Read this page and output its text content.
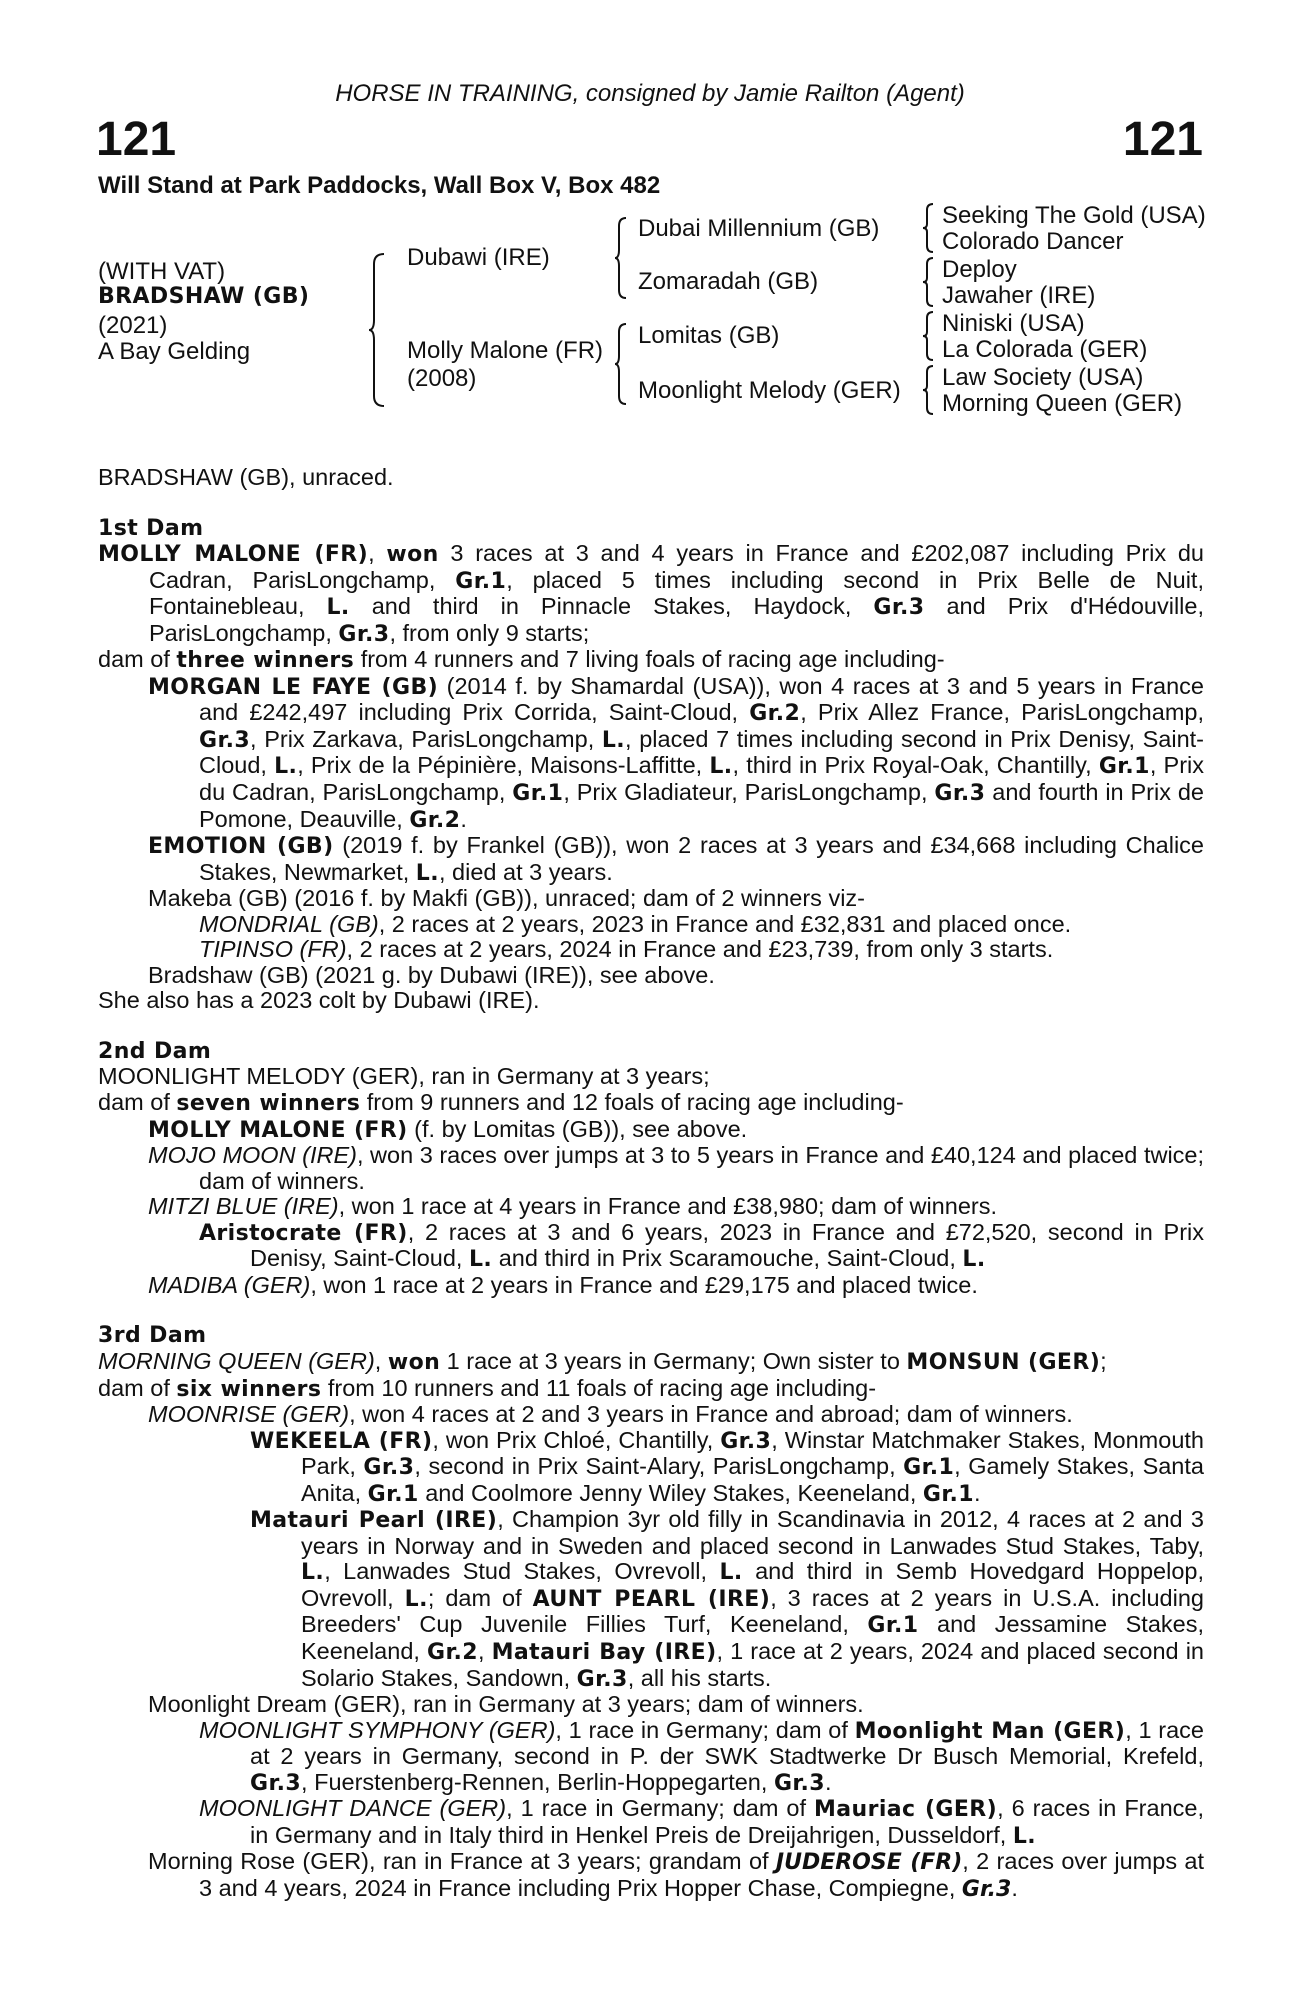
HORSE IN TRAINING, consigned by Jamie Railton (Agent)
121	121
Will Stand at Park Paddocks, Wall Box V, Box 482
(WITH VAT)
BRADSHAW (GB)
(2021)
A Bay Gelding
Dubawi (IRE)
Molly Malone (FR)
(2008)
Dubai Millennium (GB)
Zomaradah (GB)
Lomitas (GB)
Moonlight Melody (GER)
Seeking The Gold (USA)
Colorado Dancer
Deploy
Jawaher (IRE)
Niniski (USA)
La Colorada (GER)
Law Society (USA)
Morning Queen (GER)

BRADSHAW (GB), unraced.

1st Dam

MOLLY MALONE (FR), won 3 races at 3 and 4 years in France and £202,087 including Prix du Cadran, ParisLongchamp, Gr.1, placed 5 times including second in Prix Belle de Nuit, Fontainebleau, L. and third in Pinnacle Stakes, Haydock, Gr.3 and Prix d'Hédouville, ParisLongchamp, Gr.3, from only 9 starts;

dam of three winners from 4 runners and 7 living foals of racing age including-

MORGAN LE FAYE (GB) (2014 f. by Shamardal (USA)), won 4 races at 3 and 5 years in France and £242,497 including Prix Corrida, Saint-Cloud, Gr.2, Prix Allez France, ParisLongchamp, Gr.3, Prix Zarkava, ParisLongchamp, L., placed 7 times including second in Prix Denisy, Saint-Cloud, L., Prix de la Pépinière, Maisons-Laffitte, L., third in Prix Royal-Oak, Chantilly, Gr.1, Prix du Cadran, ParisLongchamp, Gr.1, Prix Gladiateur, ParisLongchamp, Gr.3 and fourth in Prix de Pomone, Deauville, Gr.2.

EMOTION (GB) (2019 f. by Frankel (GB)), won 2 races at 3 years and £34,668 including Chalice Stakes, Newmarket, L., died at 3 years.

Makeba (GB) (2016 f. by Makfi (GB)), unraced; dam of 2 winners viz-

MONDRIAL (GB), 2 races at 2 years, 2023 in France and £32,831 and placed once.

TIPINSO (FR), 2 races at 2 years, 2024 in France and £23,739, from only 3 starts.

Bradshaw (GB) (2021 g. by Dubawi (IRE)), see above.

She also has a 2023 colt by Dubawi (IRE).

2nd Dam

MOONLIGHT MELODY (GER), ran in Germany at 3 years;

dam of seven winners from 9 runners and 12 foals of racing age including-

MOLLY MALONE (FR) (f. by Lomitas (GB)), see above.

MOJO MOON (IRE), won 3 races over jumps at 3 to 5 years in France and £40,124 and placed twice; dam of winners.

MITZI BLUE (IRE), won 1 race at 4 years in France and £38,980; dam of winners.

Aristocrate (FR), 2 races at 3 and 6 years, 2023 in France and £72,520, second in Prix Denisy, Saint-Cloud, L. and third in Prix Scaramouche, Saint-Cloud, L.

MADIBA (GER), won 1 race at 2 years in France and £29,175 and placed twice.

3rd Dam

MORNING QUEEN (GER), won 1 race at 3 years in Germany; Own sister to MONSUN (GER);

dam of six winners from 10 runners and 11 foals of racing age including-

MOONRISE (GER), won 4 races at 2 and 3 years in France and abroad; dam of winners.

WEKEELA (FR), won Prix Chloé, Chantilly, Gr.3, Winstar Matchmaker Stakes, Monmouth Park, Gr.3, second in Prix Saint-Alary, ParisLongchamp, Gr.1, Gamely Stakes, Santa Anita, Gr.1 and Coolmore Jenny Wiley Stakes, Keeneland, Gr.1.

Matauri Pearl (IRE), Champion 3yr old filly in Scandinavia in 2012, 4 races at 2 and 3 years in Norway and in Sweden and placed second in Lanwades Stud Stakes, Taby, L., Lanwades Stud Stakes, Ovrevoll, L. and third in Semb Hovedgard Hoppelop, Ovrevoll, L.; dam of AUNT PEARL (IRE), 3 races at 2 years in U.S.A. including Breeders' Cup Juvenile Fillies Turf, Keeneland, Gr.1 and Jessamine Stakes, Keeneland, Gr.2, Matauri Bay (IRE), 1 race at 2 years, 2024 and placed second in Solario Stakes, Sandown, Gr.3, all his starts.

Moonlight Dream (GER), ran in Germany at 3 years; dam of winners.

MOONLIGHT SYMPHONY (GER), 1 race in Germany; dam of Moonlight Man (GER), 1 race at 2 years in Germany, second in P. der SWK Stadtwerke Dr Busch Memorial, Krefeld, Gr.3, Fuerstenberg-Rennen, Berlin-Hoppegarten, Gr.3.

MOONLIGHT DANCE (GER), 1 race in Germany; dam of Mauriac (GER), 6 races in France, in Germany and in Italy third in Henkel Preis de Dreijahrigen, Dusseldorf, L.

Morning Rose (GER), ran in France at 3 years; grandam of JUDEROSE (FR), 2 races over jumps at 3 and 4 years, 2024 in France including Prix Hopper Chase, Compiegne, Gr.3.
